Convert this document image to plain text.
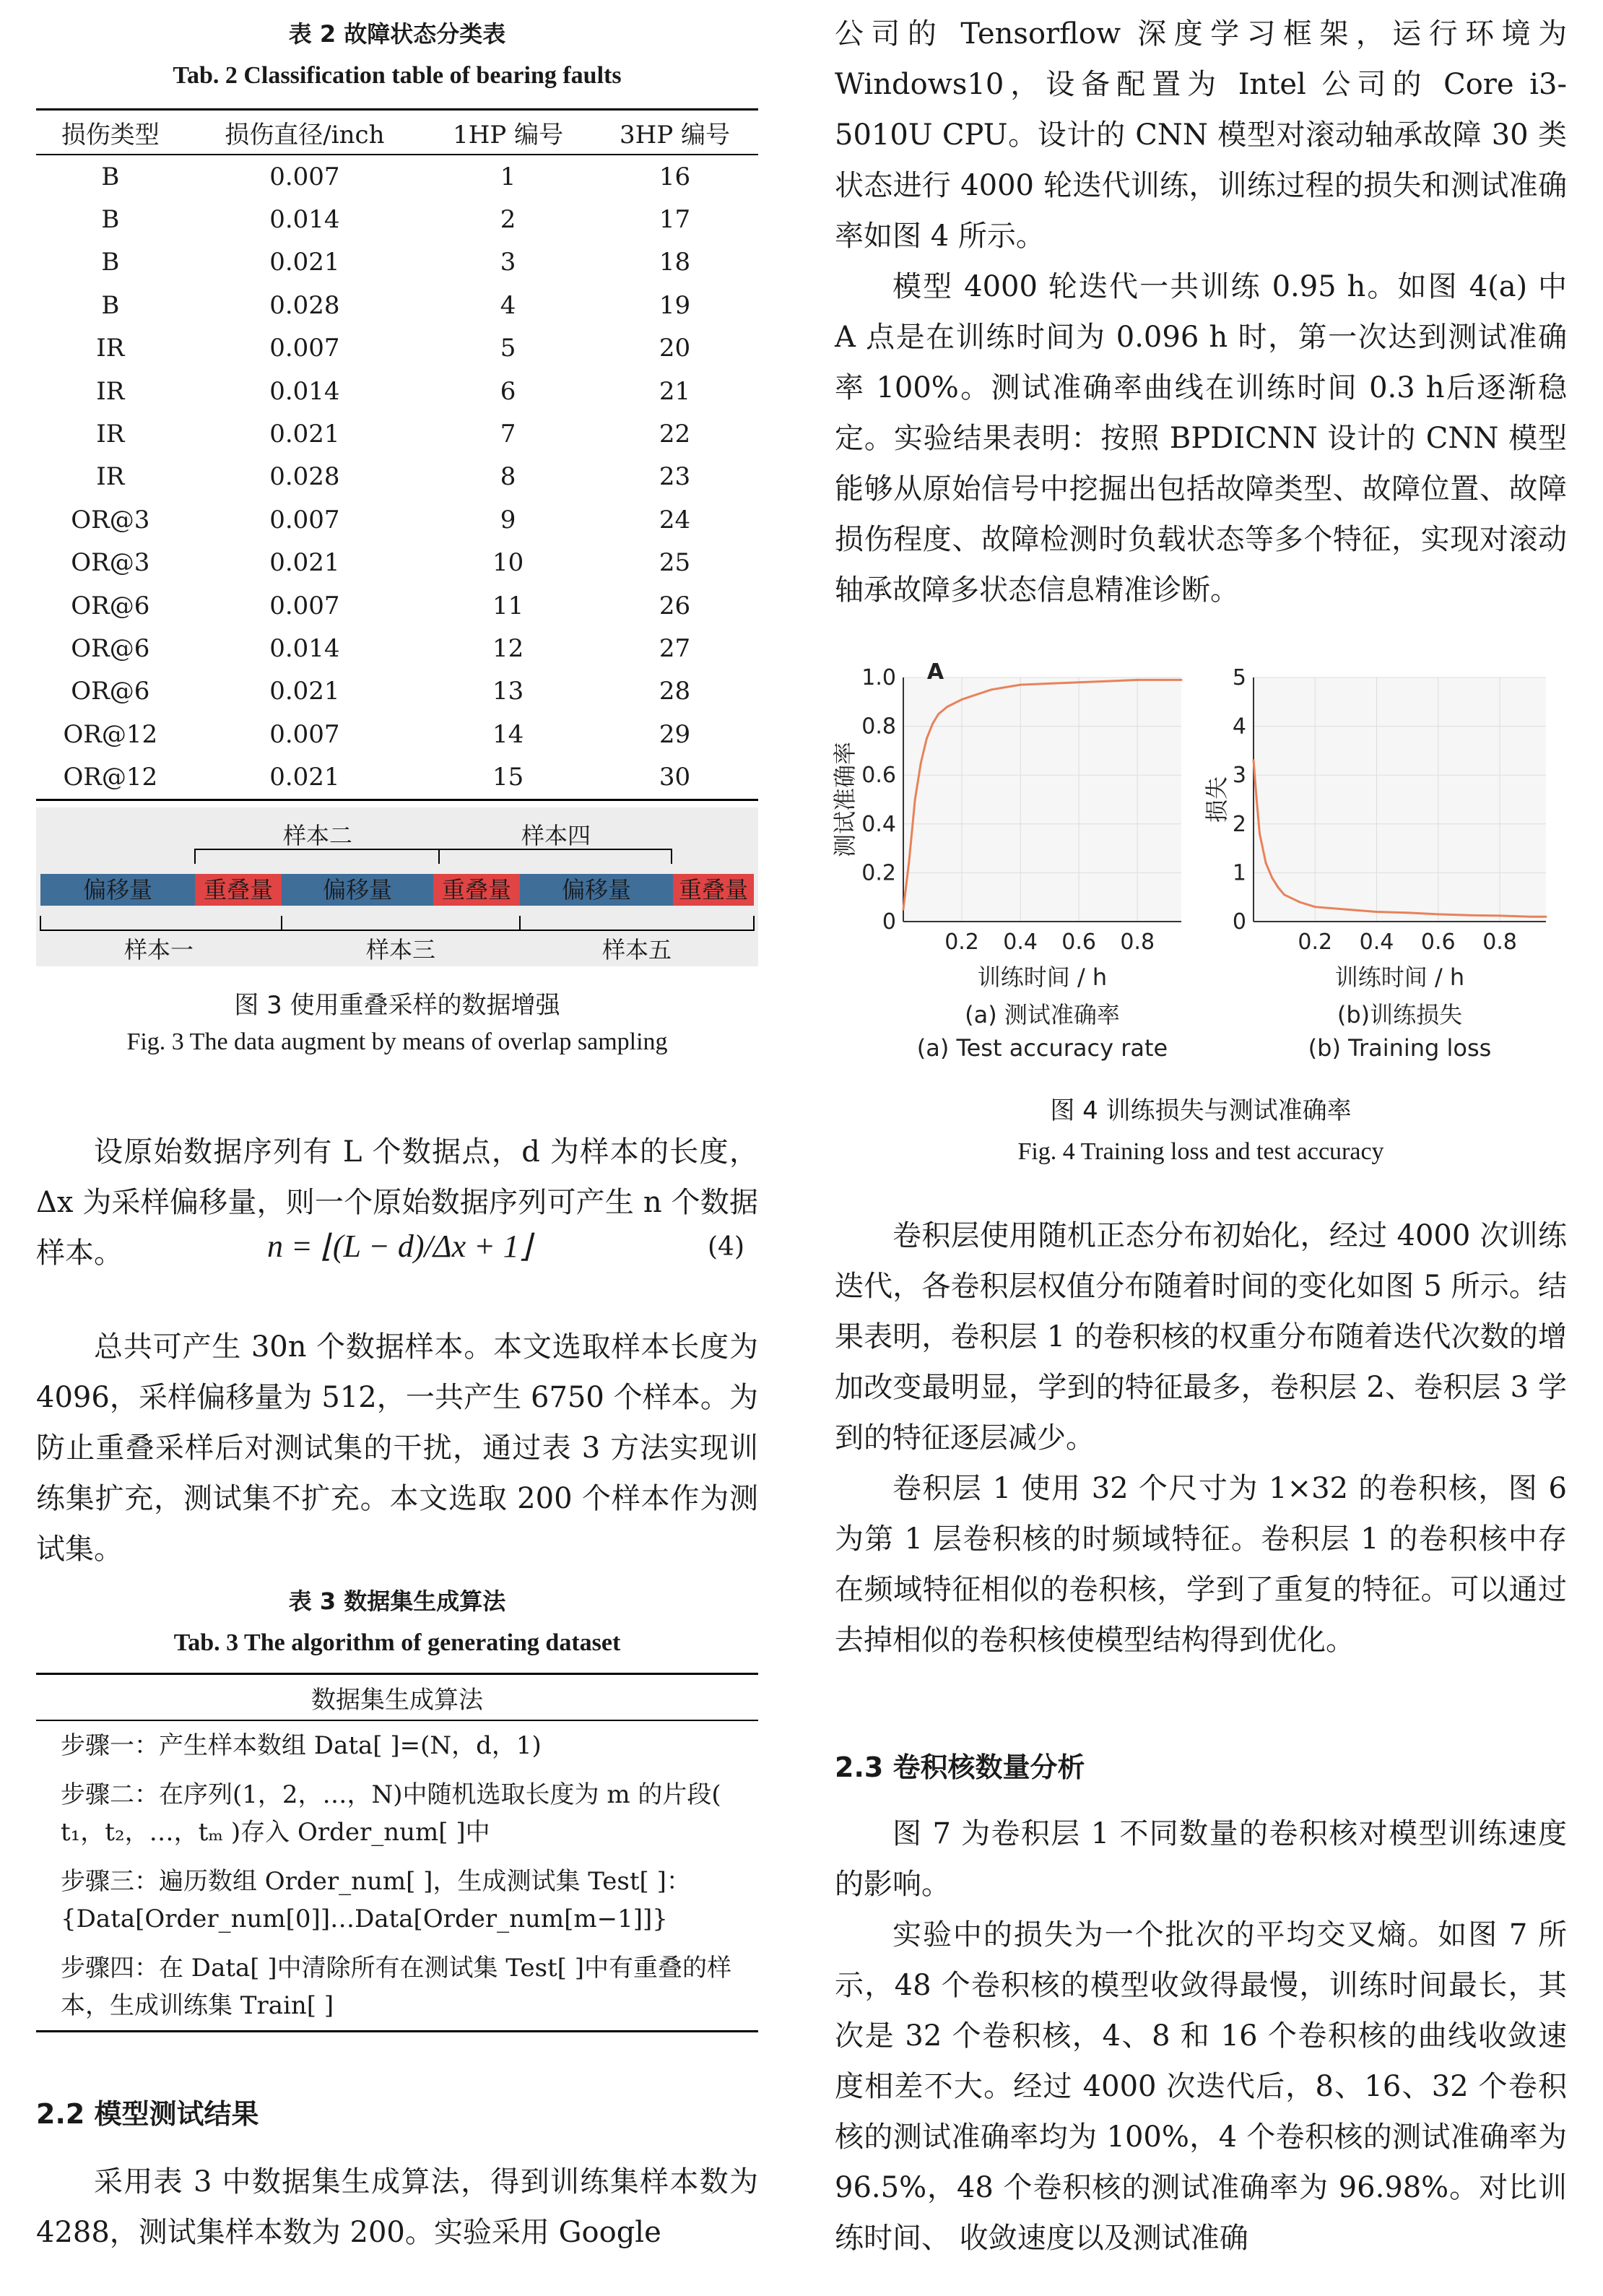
表 2 故障状态分类表
Tab. 2 Classification table of bearing faults
损伤类型	损伤直径/inch	1HP 编号	3HP 编号
B	0.007	1	16
B	0.014	2	17
B	0.021	3	18
B	0.028	4	19
IR	0.007	5	20
IR	0.014	6	21
IR	0.021	7	22
IR	0.028	8	23
OR@3	0.007	9	24
OR@3	0.021	10	25
OR@6	0.007	11	26
OR@6	0.014	12	27
OR@6	0.021	13	28
OR@12	0.007	14	29
OR@12	0.021	15	30
样本二	样本四
偏移量	重叠量	偏移量	重叠量	偏移量	重叠量
样本一	样本三	样本五
图 3 使用重叠采样的数据增强
Fig. 3 The data augment by means of overlap sampling

设原始数据序列有 L 个数据点，d 为样本的长度，Δx 为采样偏移量，则一个原始数据序列可产生 n 个数据样本。	n = ⌊(L − d)/Δx + 1⌋	(4)

总共可产生 30n 个数据样本。本文选取样本长度为 4096，采样偏移量为 512，一共产生 6750 个样本。为防止重叠采样后对测试集的干扰，通过表 3 方法实现训练集扩充，测试集不扩充。本文选取 200 个样本作为测试集。

表 3 数据集生成算法
Tab. 3 The algorithm of generating dataset
数据集生成算法
步骤一：产生样本数组 Data[ ]=(N，d，1)
步骤二：在序列(1，2，…，N)中随机选取长度为 m 的片段( t₁，t₂，…，tₘ )存入 Order_num[ ]中
步骤三：遍历数组 Order_num[ ]，生成测试集 Test[ ]：{Data[Order_num[0]]…Data[Order_num[m−1]]}
步骤四：在 Data[ ]中清除所有在测试集 Test[ ]中有重叠的样本，生成训练集 Train[ ]
2.2 模型测试结果

采用表 3 中数据集生成算法，得到训练集样本数为 4288，测试集样本数为 200。实验采用 Google

公司的 Tensorflow 深度学习框架，运行环境为 Windows10，设备配置为 Intel 公司的 Core i3-5010U CPU。设计的 CNN 模型对滚动轴承故障 30 类状态进行 4000 轮迭代训练，训练过程的损失和测试准确率如图 4 所示。

模型 4000 轮迭代一共训练 0.95 h。如图 4(a) 中 A 点是在训练时间为 0.096 h 时，第一次达到测试准确率 100%。测试准确率曲线在训练时间 0.3 h后逐渐稳定。实验结果表明：按照 BPDICNN 设计的 CNN 模型能够从原始信号中挖掘出包括故障类型、故障位置、故障损伤程度、故障检测时负载状态等多个特征，实现对滚动轴承故障多状态信息精准诊断。

0.2 0.4 0.6 0.8
0
0.2
0.4
0.6
0.8
1.0 A
训练时间 / h
测试准确率
(a) 测试准确率
(a) Test accuracy rate
0.2 0.4 0.6 0.8
0
1
2
3
4
5
训练时间 / h
损失
(b)训练损失
(b) Training loss
图 4 训练损失与测试准确率
Fig. 4 Training loss and test accuracy

卷积层使用随机正态分布初始化，经过 4000 次训练迭代，各卷积层权值分布随着时间的变化如图 5 所示。结果表明，卷积层 1 的卷积核的权重分布随着迭代次数的增加改变最明显，学到的特征最多，卷积层 2、卷积层 3 学到的特征逐层减少。

卷积层 1 使用 32 个尺寸为 1×32 的卷积核，图 6 为第 1 层卷积核的时频域特征。卷积层 1 的卷积核中存在频域特征相似的卷积核，学到了重复的特征。可以通过去掉相似的卷积核使模型结构得到优化。

2.3 卷积核数量分析

图 7 为卷积层 1 不同数量的卷积核对模型训练速度的影响。

实验中的损失为一个批次的平均交叉熵。如图 7 所示，48 个卷积核的模型收敛得最慢，训练时间最长，其次是 32 个卷积核，4、8 和 16 个卷积核的曲线收敛速度相差不大。经过 4000 次迭代后，8、16、32 个卷积核的测试准确率均为 100%，4 个卷积核的测试准确率为 96.5%，48 个卷积核的测试准确率为 96.98%。对比训练时间、 收敛速度以及测试准确
